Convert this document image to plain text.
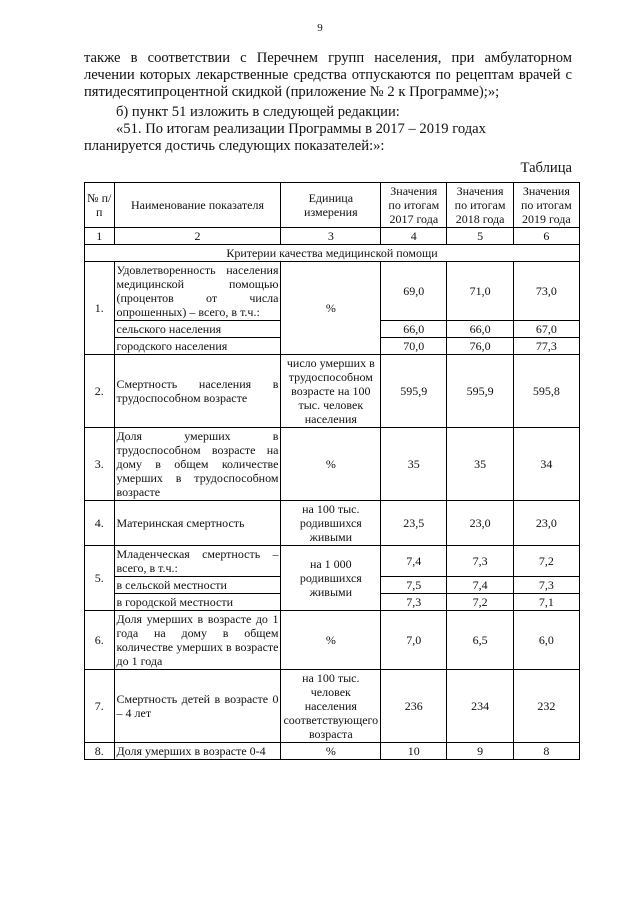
9
также в соответствии с Перечнем групп населения, при амбулаторном лечении которых лекарственные средства отпускаются по рецептам врачей с пятидесятипроцентной скидкой (приложение № 2 к Программе);»;
б) пункт 51 изложить в следующей редакции:
«51. По итогам реализации Программы в 2017 – 2019 годах
планируется достичь следующих показателей:»:
Таблица
№ п/п	Наименование показателя	Единица измерения	Значения по итогам 2017 года	Значения по итогам 2018 года	Значения по итогам 2019 года
1	2	3	4	5	6
Критерии качества медицинской помощи					
1.	Удовлетворенность населения медицинской помощью (процентов от числа опрошенных) – всего, в т.ч.:	%	69,0	71,0	73,0
	сельского населения		66,0	66,0	67,0
	городского населения		70,0	76,0	77,3
2.	Смертность населения в трудоспособном возрасте	число умерших в трудоспособном возрасте на 100 тыс. человек населения	595,9	595,9	595,8
3.	Доля умерших в трудоспособном возрасте на дому в общем количестве умерших в трудоспособном возрасте	%	35	35	34
4.	Материнская смертность	на 100 тыс. родившихся живыми	23,5	23,0	23,0
5.	Младенческая смертность – всего, в т.ч.:	на 1 000 родившихся живыми	7,4	7,3	7,2
	в сельской местности		7,5	7,4	7,3
	в городской местности		7,3	7,2	7,1
6.	Доля умерших в возрасте до 1 года на дому в общем количестве умерших в возрасте до 1 года	%	7,0	6,5	6,0
7.	Смертность детей в возрасте 0 – 4 лет	на 100 тыс. человек населения соответствующего возраста	236	234	232
8.	Доля умерших в возрасте 0-4	%	10	9	8
